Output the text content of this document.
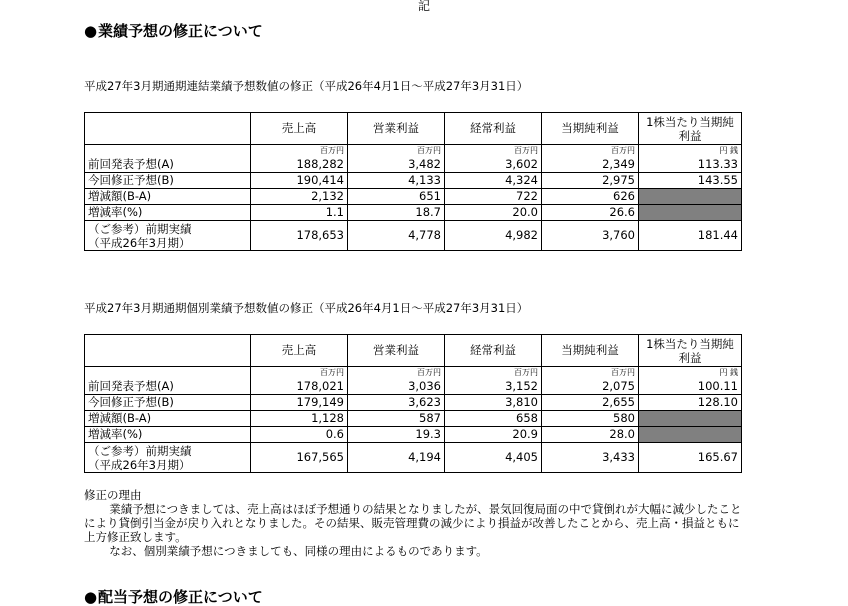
記
●業績予想の修正について
平成27年3月期通期連結業績予想数値の修正（平成26年4月1日～平成27年3月31日）
	売上高	営業利益	経常利益	当期純利益	1株当たり当期純利益
	百万円	百万円	百万円	百万円	円 銭
前回発表予想(A)	188,282	3,482	3,602	2,349	113.33
今回修正予想(B)	190,414	4,133	4,324	2,975	143.55
増減額(B-A)	2,132	651	722	626	
増減率(%)	1.1	18.7	20.0	26.6	
（ご参考）前期実績
（平成26年3月期）	178,653	4,778	4,982	3,760	181.44
平成27年3月期通期個別業績予想数値の修正（平成26年4月1日～平成27年3月31日）
	売上高	営業利益	経常利益	当期純利益	1株当たり当期純利益
	百万円	百万円	百万円	百万円	円 銭
前回発表予想(A)	178,021	3,036	3,152	2,075	100.11
今回修正予想(B)	179,149	3,623	3,810	2,655	128.10
増減額(B-A)	1,128	587	658	580	
増減率(%)	0.6	19.3	20.9	28.0	
（ご参考）前期実績
（平成26年3月期）	167,565	4,194	4,405	3,433	165.67

修正の理由

業績予想につきましては、売上高はほぼ予想通りの結果となりましたが、景気回復局面の中で貸倒れが大幅に減少したことにより貸倒引当金が戻り入れとなりました。その結果、販売管理費の減少により損益が改善したことから、売上高・損益ともに上方修正致します。

なお、個別業績予想につきましても、同様の理由によるものであります。

●配当予想の修正について
